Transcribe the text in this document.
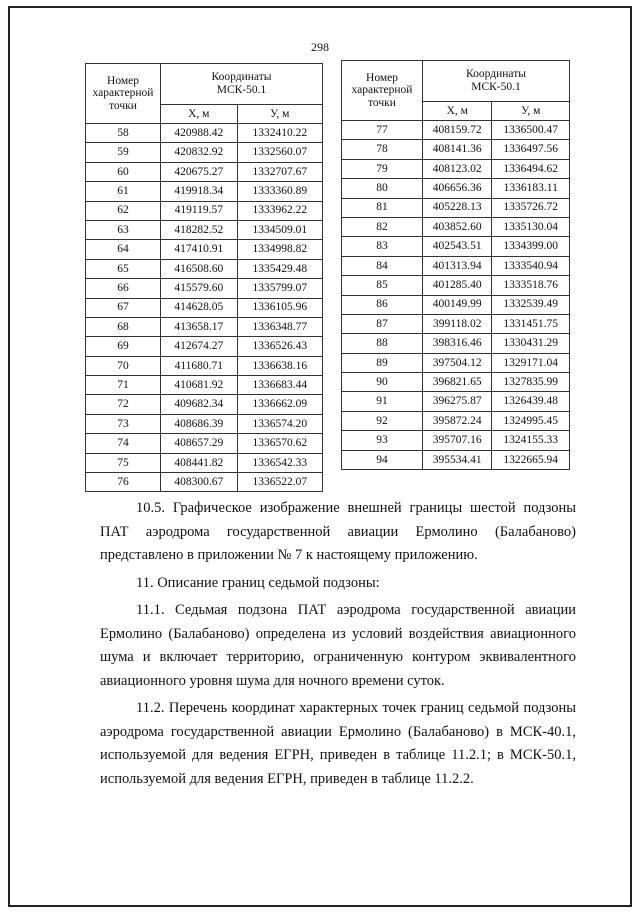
298
Номер
характерной
точки	Координаты
МСК-50.1	
	Х, м	У, м
58	420988.42	1332410.22
59	420832.92	1332560.07
60	420675.27	1332707.67
61	419918.34	1333360.89
62	419119.57	1333962.22
63	418282.52	1334509.01
64	417410.91	1334998.82
65	416508.60	1335429.48
66	415579.60	1335799.07
67	414628.05	1336105.96
68	413658.17	1336348.77
69	412674.27	1336526.43
70	411680.71	1336638.16
71	410681.92	1336683.44
72	409682.34	1336662.09
73	408686.39	1336574.20
74	408657.29	1336570.62
75	408441.82	1336542.33
76	408300.67	1336522.07
Номер
характерной
точки	Координаты
МСК-50.1	
	Х, м	У, м
77	408159.72	1336500.47
78	408141.36	1336497.56
79	408123.02	1336494.62
80	406656.36	1336183.11
81	405228.13	1335726.72
82	403852.60	1335130.04
83	402543.51	1334399.00
84	401313.94	1333540.94
85	401285.40	1333518.76
86	400149.99	1332539.49
87	399118.02	1331451.75
88	398316.46	1330431.29
89	397504.12	1329171.04
90	396821.65	1327835.99
91	396275.87	1326439.48
92	395872.24	1324995.45
93	395707.16	1324155.33
94	395534.41	1322665.94

10.5. Графическое изображение внешней границы шестой подзоны ПАТ аэродрома государственной авиации Ермолино (Балабаново) представлено в приложении № 7 к настоящему приложению.

11. Описание границ седьмой подзоны:

11.1. Седьмая подзона ПАТ аэродрома государственной авиации Ермолино (Балабаново) определена из условий воздействия авиационного шума и включает территорию, ограниченную контуром эквивалентного авиационного уровня шума для ночного времени суток.

11.2. Перечень координат характерных точек границ седьмой подзоны аэродрома государственной авиации Ермолино (Балабаново) в МСК-40.1, используемой для ведения ЕГРН, приведен в таблице 11.2.1; в МСК-50.1, используемой для ведения ЕГРН, приведен в таблице 11.2.2.
